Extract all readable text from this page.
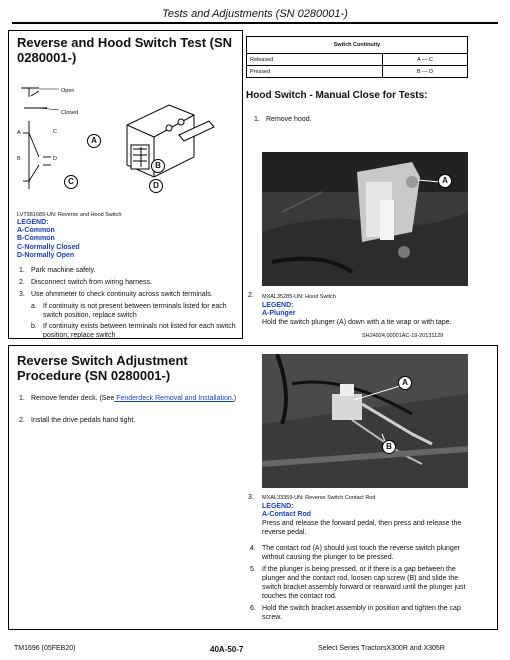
Tests and Adjustments (SN 0280001-)
Reverse and Hood Switch Test (SN 0280001-)
Open
Closed
A	C
B	D
A
B
C	D
LVT981689-UN: Reverse and Hood Switch
LEGEND:
A-Common
B-Common
C-Normally Closed
D-Normally Open
1. Park machine safely.
2. Disconnect switch from wiring harness.
3. Use ohmmeter to check continuity across switch terminals.
a. If continuity is not present between terminals listed for each switch position, replace switch
b. If continuity exists between terminals not listed for each switch position, replace switch
Switch Continuity	
Released	A — C
Pressed	B — D
Hood Switch - Manual Close for Tests:
1. Remove hood.
A
2. MXAL35285-UN: Hood Switch
LEGEND:
A-Plunger
Hold the switch plunger (A) down with a tie wrap or with tape.
SH24924,00001AC-19-20131129
Reverse Switch Adjustment Procedure (SN 0280001-)
1. Remove fender deck. (See Fenderdeck Removal and Installation.)
2. Install the drive pedals hand tight.
A
B
3. MXAL33359-UN: Reverse Switch Contact Rod
LEGEND:
A-Contact Rod
Press and release the forward pedal, then press and release the reverse pedal.
4. The contact rod (A) should just touch the reverse switch plunger without causing the plunger to be pressed.
5. If the plunger is being pressed, or if there is a gap between the plunger and the contact rod, loosen cap screw (B) and slide the switch bracket assembly forward or rearward until the plunger just touches the contact rod.
6. Hold the switch bracket assembly in position and tighten the cap screw.
TM1696 (05FEB20)	40A-50-7	Select Series TractorsX300R and X305R
